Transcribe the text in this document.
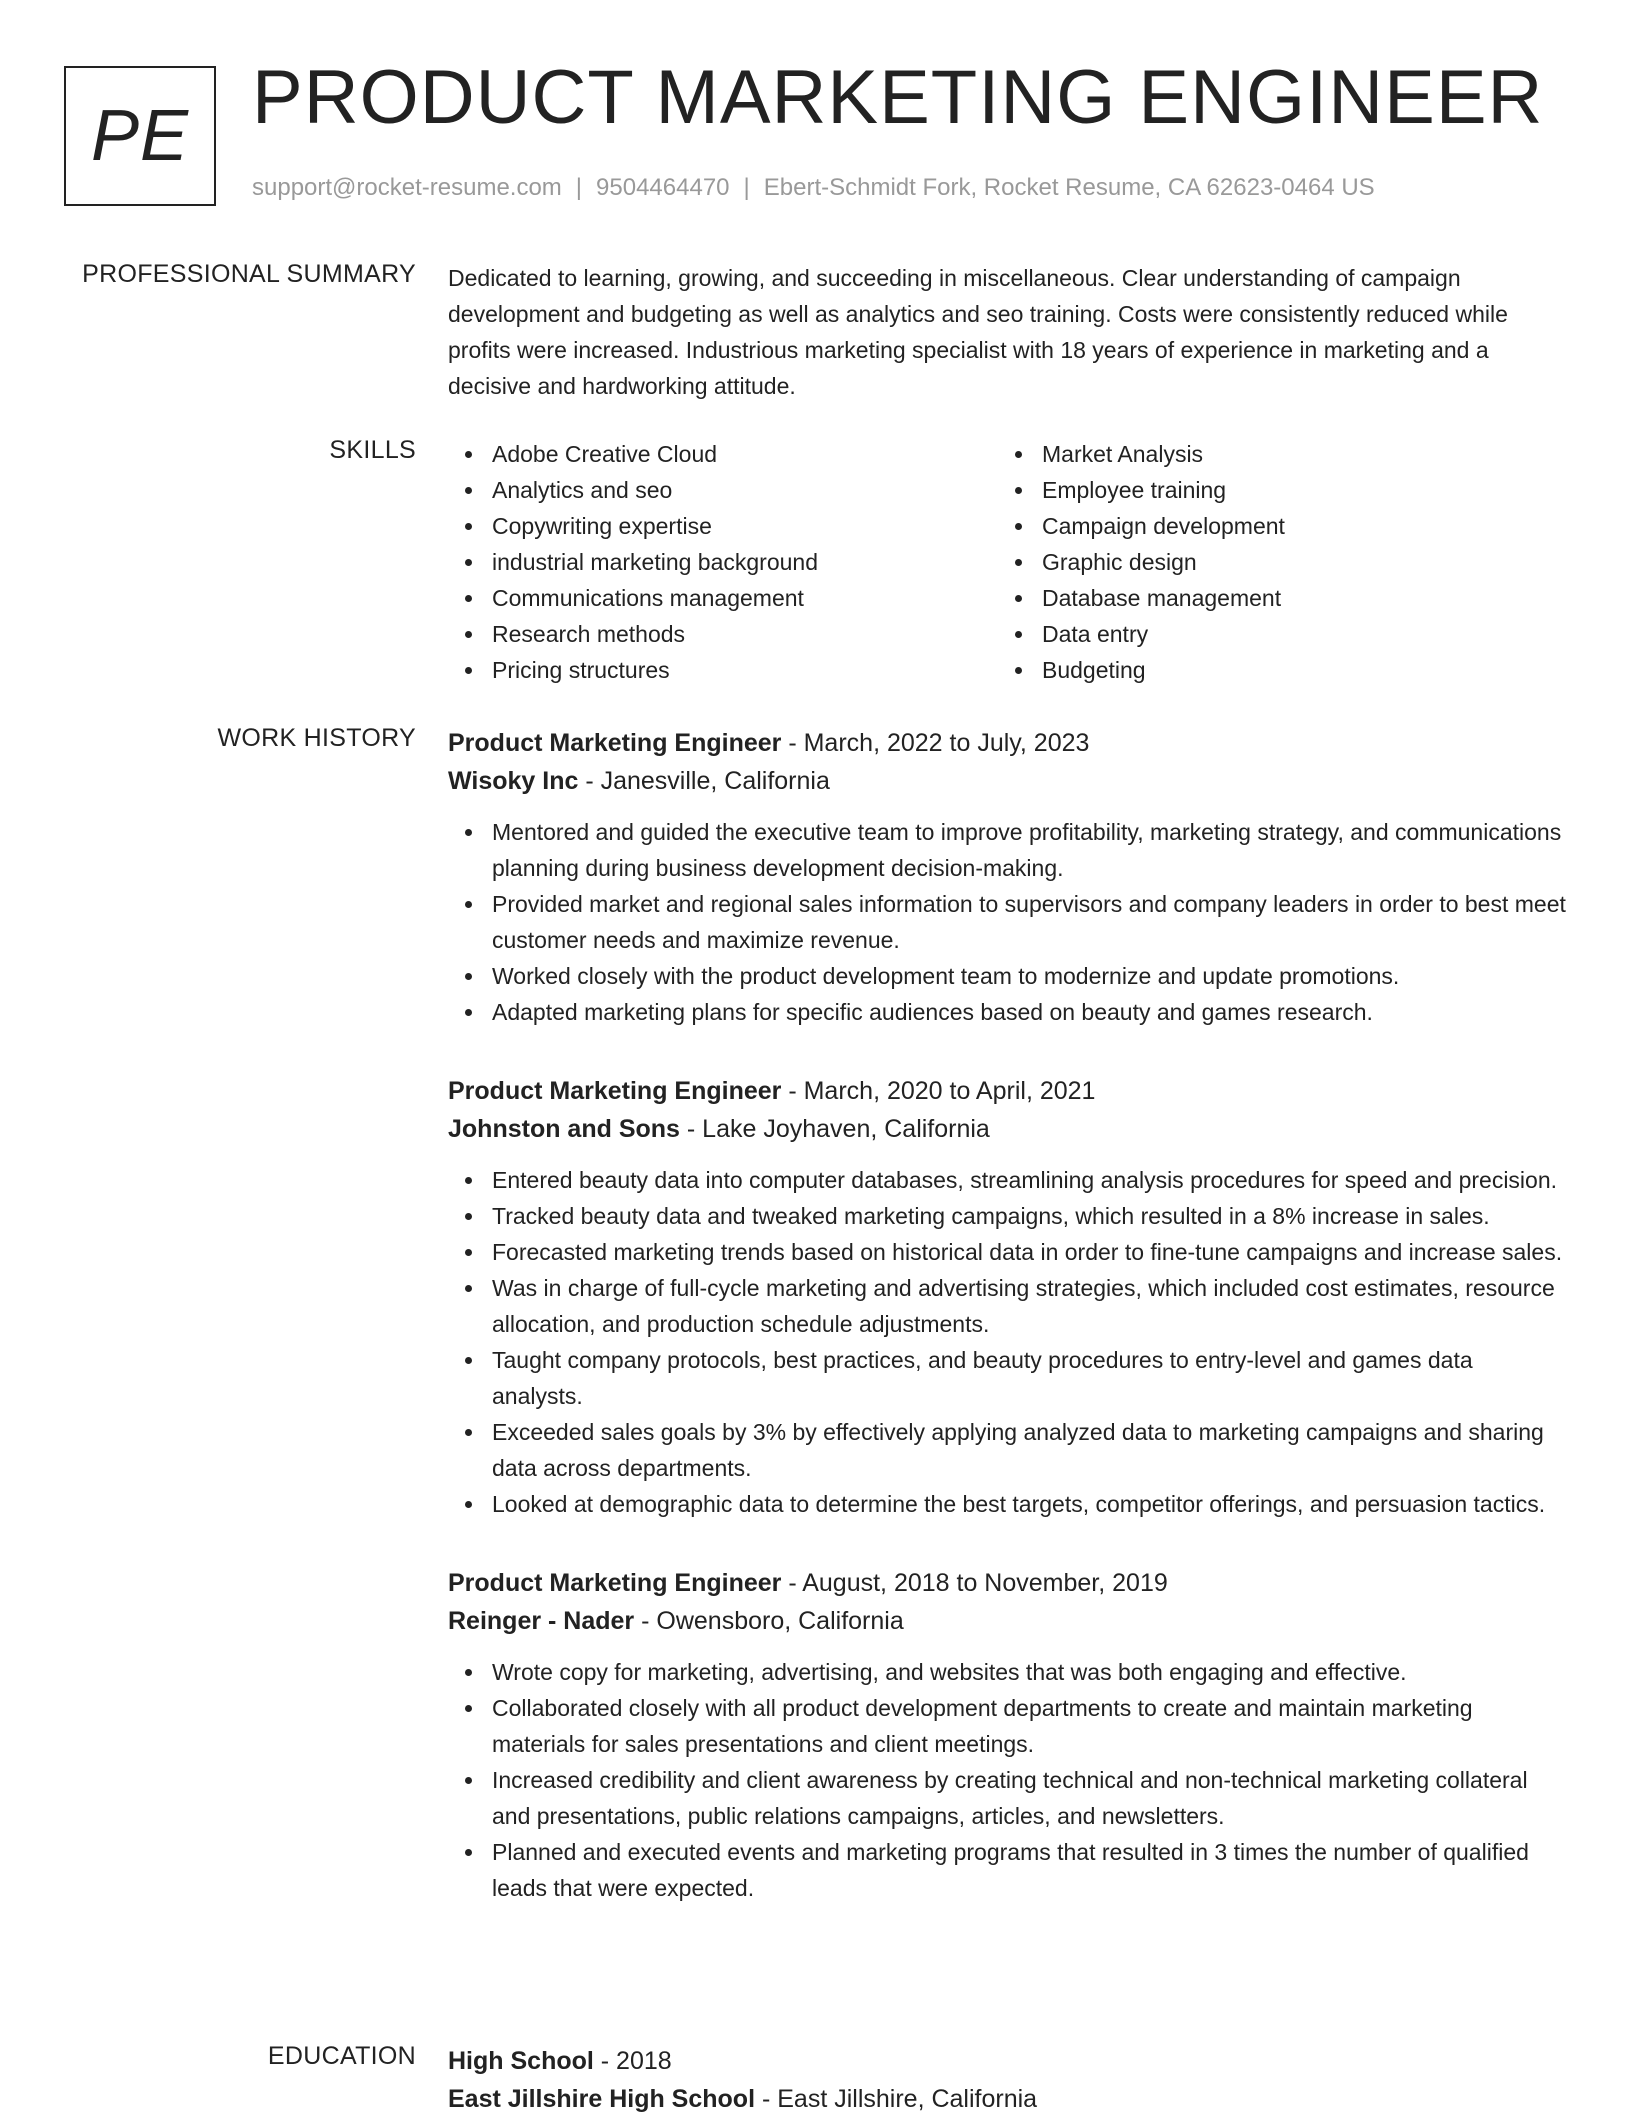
PE PRODUCT MARKETING ENGINEER
support@rocket-resume.com | 9504464470 | Ebert-Schmidt Fork, Rocket Resume, CA 62623-0464 US
PROFESSIONAL SUMMARY Dedicated to learning, growing, and succeeding in miscellaneous. Clear understanding of campaign development and budgeting as well as analytics and seo training. Costs were consistently reduced while profits were increased. Industrious marketing specialist with 18 years of experience in marketing and a decisive and hardworking attitude.

SKILLS	Adobe Creative Cloud
Analytics and seo
Copywriting expertise
industrial marketing background
Communications management
Research methods
Pricing structures
Market Analysis
Employee training
Campaign development
Graphic design
Database management
Data entry
Budgeting
WORK HISTORY Product Marketing Engineer - March, 2022 to July, 2023
Wisoky Inc - Janesville, California
Mentored and guided the executive team to improve profitability, marketing strategy, and communications planning during business development decision-making.
Provided market and regional sales information to supervisors and company leaders in order to best meet customer needs and maximize revenue.
Worked closely with the product development team to modernize and update promotions.
Adapted marketing plans for specific audiences based on beauty and games research.
Product Marketing Engineer - March, 2020 to April, 2021
Johnston and Sons - Lake Joyhaven, California
Entered beauty data into computer databases, streamlining analysis procedures for speed and precision.
Tracked beauty data and tweaked marketing campaigns, which resulted in a 8% increase in sales.
Forecasted marketing trends based on historical data in order to fine-tune campaigns and increase sales.
Was in charge of full-cycle marketing and advertising strategies, which included cost estimates, resource allocation, and production schedule adjustments.
Taught company protocols, best practices, and beauty procedures to entry-level and games data analysts.
Exceeded sales goals by 3% by effectively applying analyzed data to marketing campaigns and sharing data across departments.
Looked at demographic data to determine the best targets, competitor offerings, and persuasion tactics.
Product Marketing Engineer - August, 2018 to November, 2019
Reinger - Nader - Owensboro, California
Wrote copy for marketing, advertising, and websites that was both engaging and effective.
Collaborated closely with all product development departments to create and maintain marketing materials for sales presentations and client meetings.
Increased credibility and client awareness by creating technical and non-technical marketing collateral and presentations, public relations campaigns, articles, and newsletters.
Planned and executed events and marketing programs that resulted in 3 times the number of qualified leads that were expected.
EDUCATION High School - 2018
East Jillshire High School - East Jillshire, California
